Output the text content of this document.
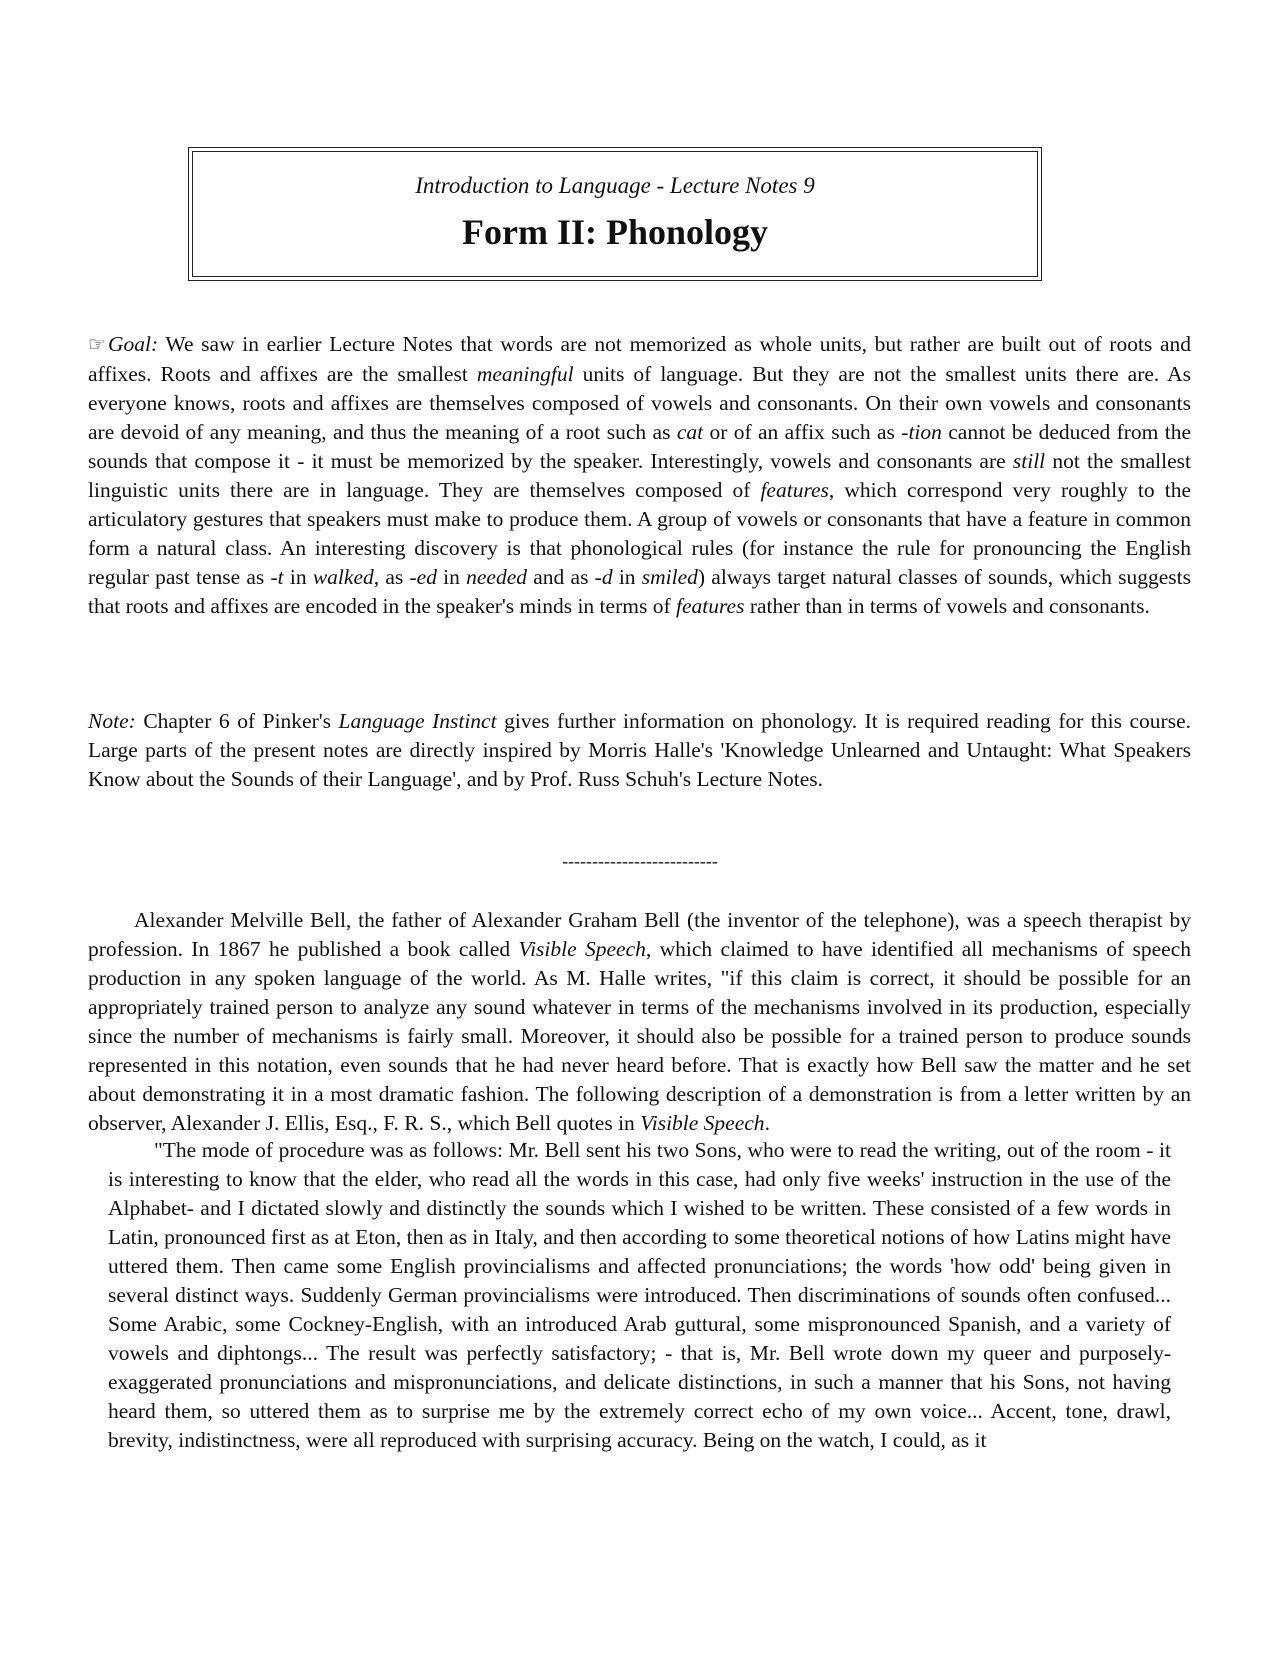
Introduction to Language - Lecture Notes 9
Form II: Phonology

☞Goal: We saw in earlier Lecture Notes that words are not memorized as whole units, but rather are built out of roots and affixes. Roots and affixes are the smallest meaningful units of language. But they are not the smallest units there are. As everyone knows, roots and affixes are themselves composed of vowels and consonants. On their own vowels and consonants are devoid of any meaning, and thus the meaning of a root such as cat or of an affix such as -tion cannot be deduced from the sounds that compose it - it must be memorized by the speaker. Interestingly, vowels and consonants are still not the smallest linguistic units there are in language. They are themselves composed of features, which correspond very roughly to the articulatory gestures that speakers must make to produce them. A group of vowels or consonants that have a feature in common form a natural class. An interesting discovery is that phonological rules (for instance the rule for pronouncing the English regular past tense as -t in walked, as -ed in needed and as -d in smiled) always target natural classes of sounds, which suggests that roots and affixes are encoded in the speaker's minds in terms of features rather than in terms of vowels and consonants.

Note: Chapter 6 of Pinker's Language Instinct gives further information on phonology. It is required reading for this course. Large parts of the present notes are directly inspired by Morris Halle's 'Knowledge Unlearned and Untaught: What Speakers Know about the Sounds of their Language', and by Prof. Russ Schuh's Lecture Notes.

--------------------------

Alexander Melville Bell, the father of Alexander Graham Bell (the inventor of the telephone), was a speech therapist by profession. In 1867 he published a book called Visible Speech, which claimed to have identified all mechanisms of speech production in any spoken language of the world. As M. Halle writes, "if this claim is correct, it should be possible for an appropriately trained person to analyze any sound whatever in terms of the mechanisms involved in its production, especially since the number of mechanisms is fairly small. Moreover, it should also be possible for a trained person to produce sounds represented in this notation, even sounds that he had never heard before. That is exactly how Bell saw the matter and he set about demonstrating it in a most dramatic fashion. The following description of a demonstration is from a letter written by an observer, Alexander J. Ellis, Esq., F. R. S., which Bell quotes in Visible Speech.

"The mode of procedure was as follows: Mr. Bell sent his two Sons, who were to read the writing, out of the room - it is interesting to know that the elder, who read all the words in this case, had only five weeks' instruction in the use of the Alphabet- and I dictated slowly and distinctly the sounds which I wished to be written. These consisted of a few words in Latin, pronounced first as at Eton, then as in Italy, and then according to some theoretical notions of how Latins might have uttered them. Then came some English provincialisms and affected pronunciations; the words 'how odd' being given in several distinct ways. Suddenly German provincialisms were introduced. Then discriminations of sounds often confused... Some Arabic, some Cockney-English, with an introduced Arab guttural, some mispronounced Spanish, and a variety of vowels and diphtongs... The result was perfectly satisfactory; - that is, Mr. Bell wrote down my queer and purposely-exaggerated pronunciations and mispronunciations, and delicate distinctions, in such a manner that his Sons, not having heard them, so uttered them as to surprise me by the extremely correct echo of my own voice... Accent, tone, drawl, brevity, indistinctness, were all reproduced with surprising accuracy. Being on the watch, I could, as it
